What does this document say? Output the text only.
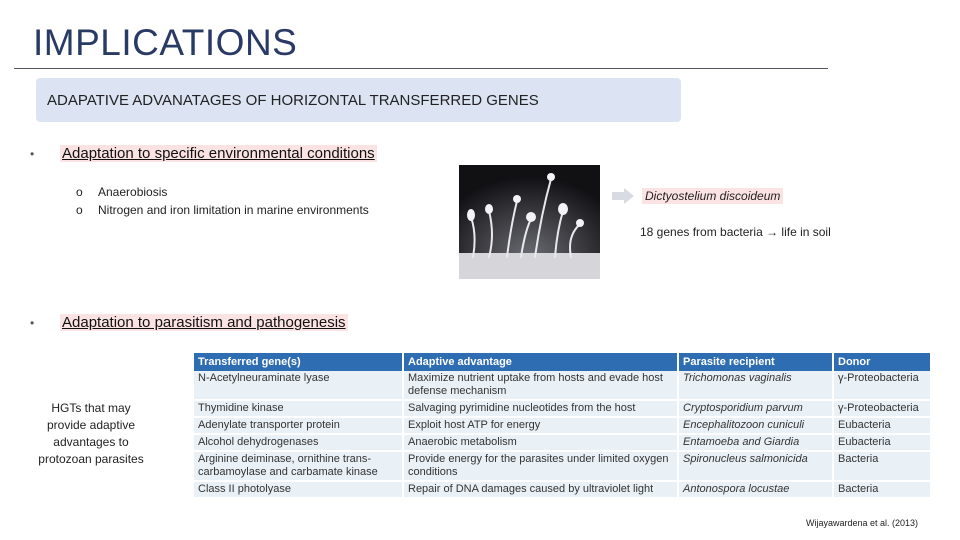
IMPLICATIONS
ADAPATIVE ADVANATAGES OF HORIZONTAL TRANSFERRED GENES
• Adaptation to specific environmental conditions
o Anaerobiosis
o Nitrogen and iron limitation in marine environments
Dictyostelium discoideum
18 genes from bacteria → life in soil
• Adaptation to parasitism and pathogenesis
HGTs that may provide adaptive advantages to protozoan parasites
Transferred gene(s)	Adaptive advantage	Parasite recipient	Donor
N-Acetylneuraminate lyase	Maximize nutrient uptake from hosts and evade host defense mechanism	Trichomonas vaginalis	γ-Proteobacteria
Thymidine kinase	Salvaging pyrimidine nucleotides from the host	Cryptosporidium parvum	γ-Proteobacteria
Adenylate transporter protein	Exploit host ATP for energy	Encephalitozoon cuniculi	Eubacteria
Alcohol dehydrogenases	Anaerobic metabolism	Entamoeba and Giardia	Eubacteria
Arginine deiminase, ornithine trans-carbamoylase and carbamate kinase	Provide energy for the parasites under limited oxygen conditions	Spironucleus salmonicida	Bacteria
Class II photolyase	Repair of DNA damages caused by ultraviolet light	Antonospora locustae	Bacteria
Wijayawardena et al. (2013)
